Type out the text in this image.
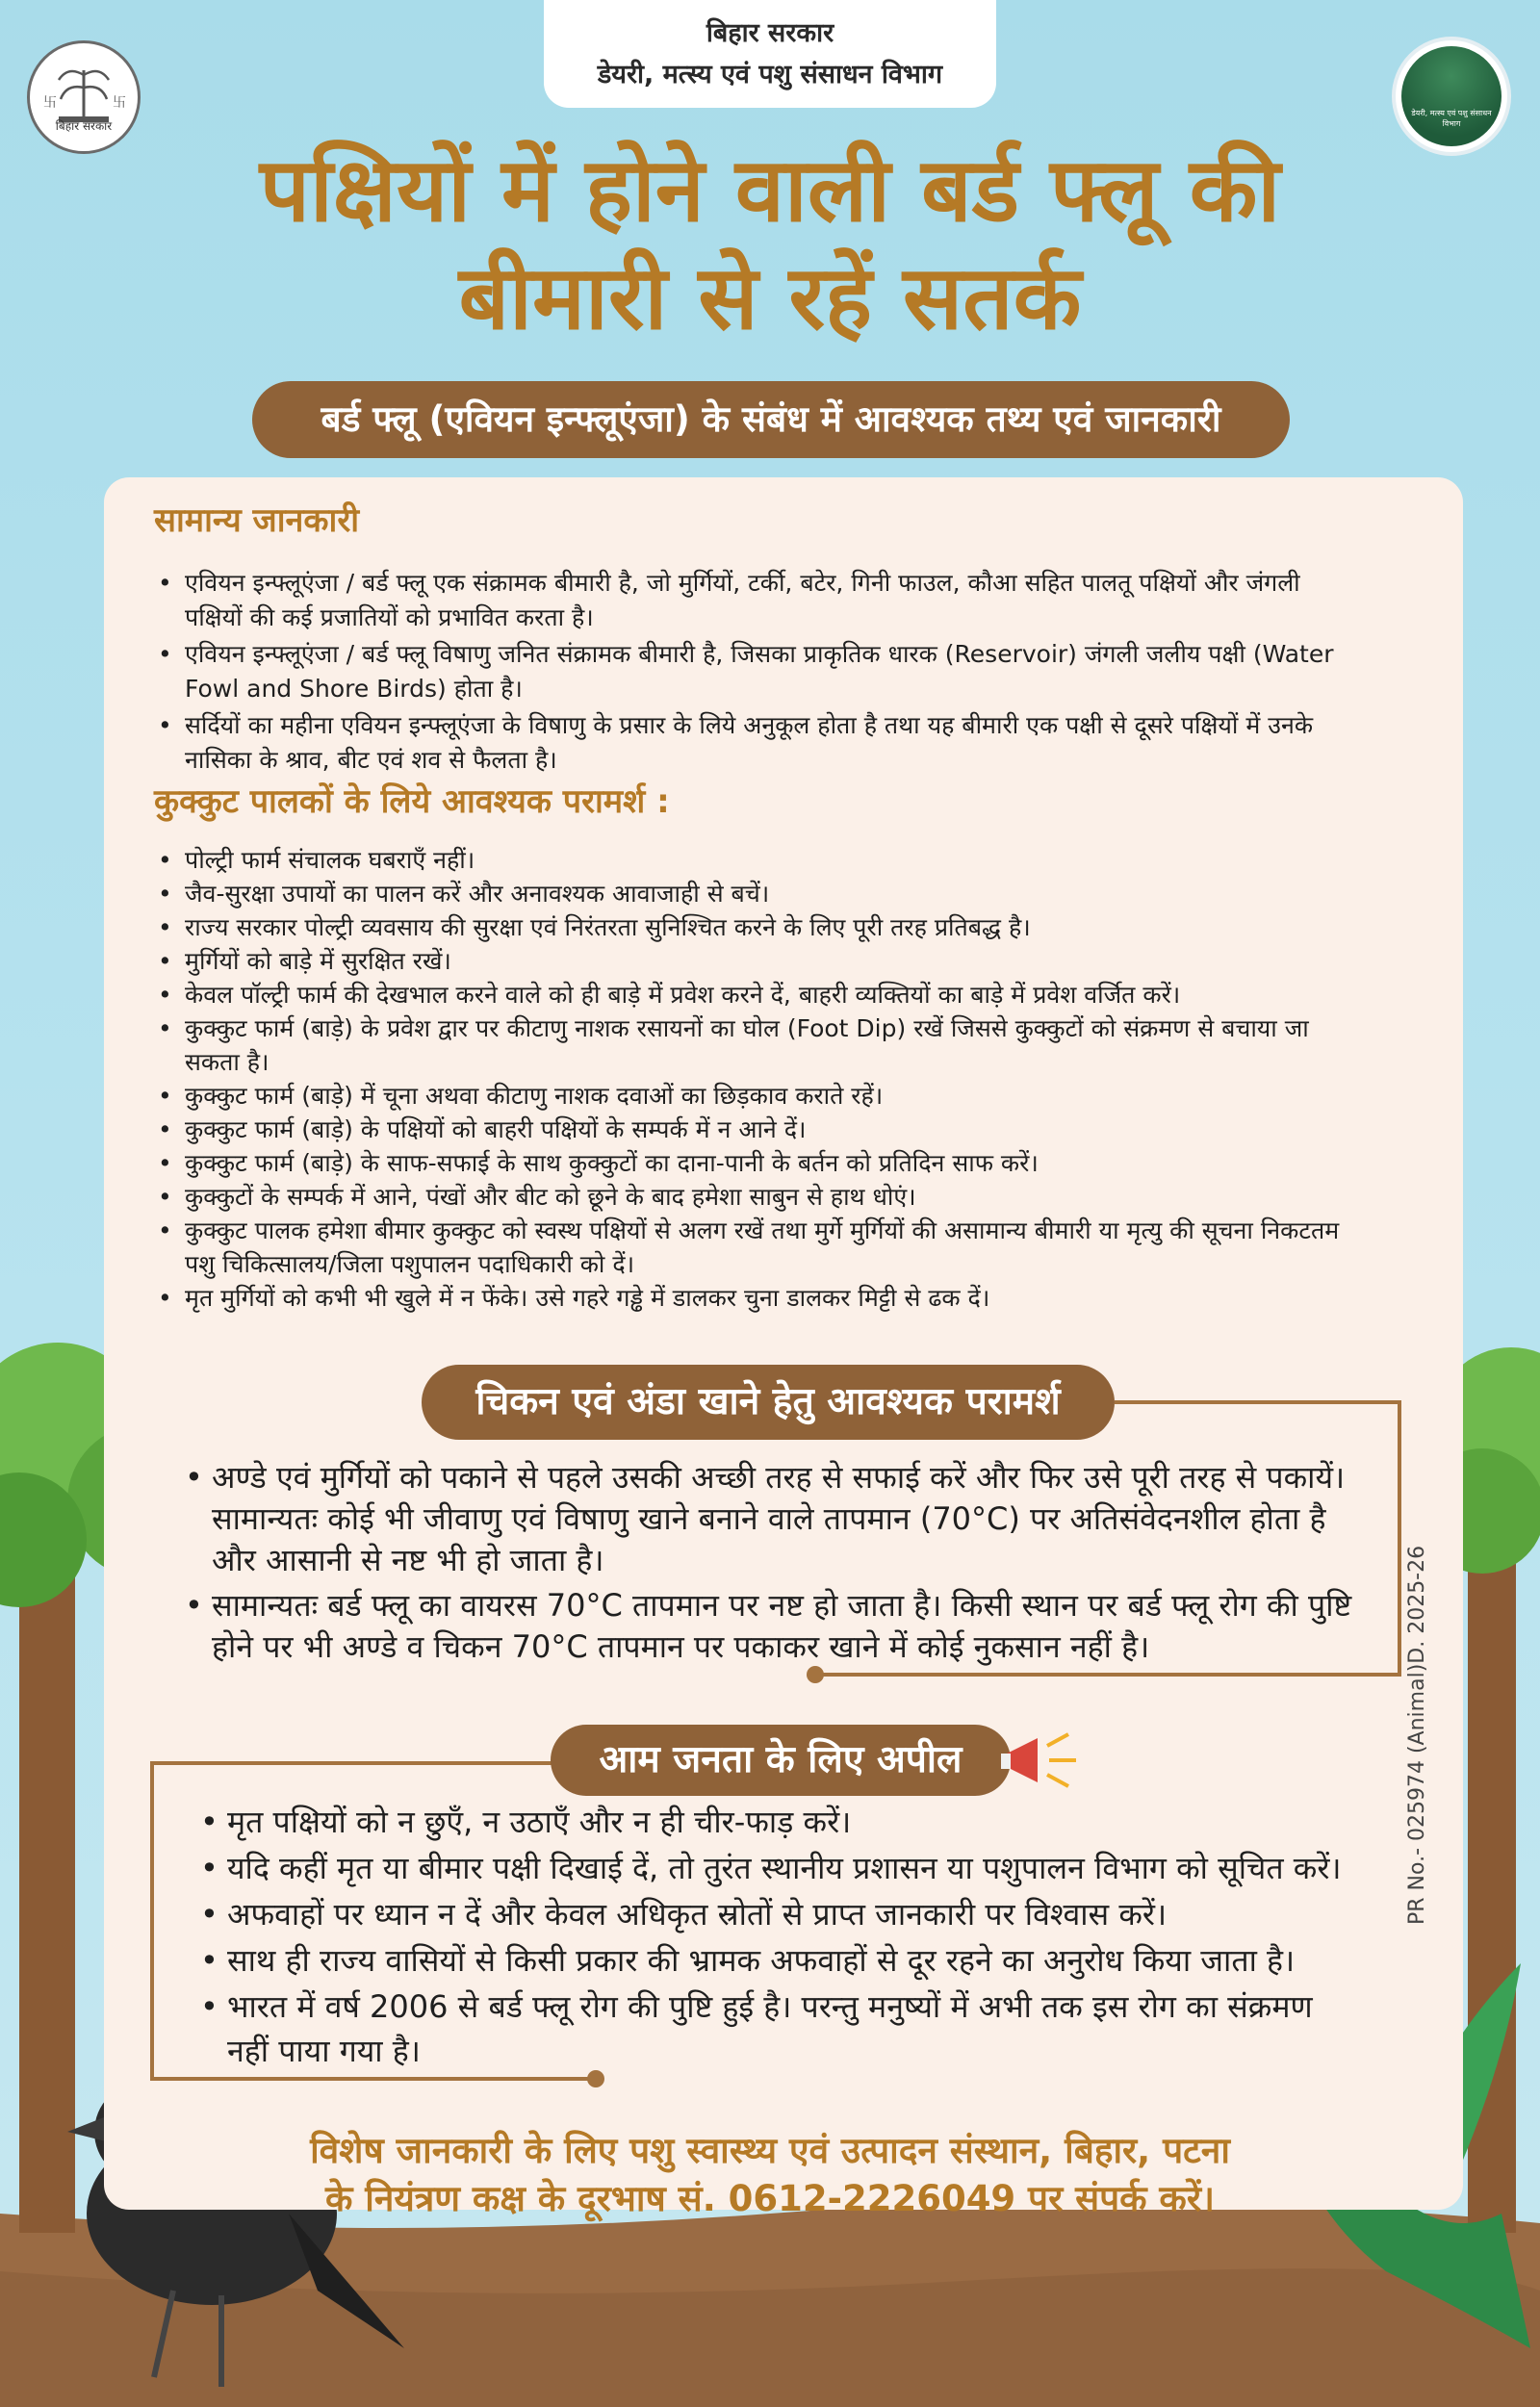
बिहार सरकार
डेयरी, मत्स्य एवं पशु संसाधन विभाग
卐	卐
बिहार सरकार
डेयरी, मत्स्य एवं पशु संसाधन विभाग
पक्षियों में होने वाली बर्ड फ्लू की
बीमारी से रहें सतर्क
बर्ड फ्लू (एवियन इन्फ्लूएंजा) के संबंध में आवश्यक तथ्य एवं जानकारी
सामान्य जानकारी
• एवियन इन्फ्लूएंजा / बर्ड फ्लू एक संक्रामक बीमारी है, जो मुर्गियों, टर्की, बटेर, गिनी फाउल, कौआ सहित पालतू पक्षियों और जंगली पक्षियों की कई प्रजातियों को प्रभावित करता है।
• एवियन इन्फ्लूएंजा / बर्ड फ्लू विषाणु जनित संक्रामक बीमारी है, जिसका प्राकृतिक धारक (Reservoir) जंगली जलीय पक्षी (Water Fowl and Shore Birds) होता है।
• सर्दियों का महीना एवियन इन्फ्लूएंजा के विषाणु के प्रसार के लिये अनुकूल होता है तथा यह बीमारी एक पक्षी से दूसरे पक्षियों में उनके नासिका के श्राव, बीट एवं शव से फैलता है।
कुक्कुट पालकों के लिये आवश्यक परामर्श :
• पोल्ट्री फार्म संचालक घबराएँ नहीं।
• जैव-सुरक्षा उपायों का पालन करें और अनावश्यक आवाजाही से बचें।
• राज्य सरकार पोल्ट्री व्यवसाय की सुरक्षा एवं निरंतरता सुनिश्चित करने के लिए पूरी तरह प्रतिबद्ध है।
• मुर्गियों को बाड़े में सुरक्षित रखें।
• केवल पॉल्ट्री फार्म की देखभाल करने वाले को ही बाड़े में प्रवेश करने दें, बाहरी व्यक्तियों का बाड़े में प्रवेश वर्जित करें।
• कुक्कुट फार्म (बाड़े) के प्रवेश द्वार पर कीटाणु नाशक रसायनों का घोल (Foot Dip) रखें जिससे कुक्कुटों को संक्रमण से बचाया जा सकता है।
• कुक्कुट फार्म (बाड़े) में चूना अथवा कीटाणु नाशक दवाओं का छिड़काव कराते रहें।
• कुक्कुट फार्म (बाड़े) के पक्षियों को बाहरी पक्षियों के सम्पर्क में न आने दें।
• कुक्कुट फार्म (बाड़े) के साफ-सफाई के साथ कुक्कुटों का दाना-पानी के बर्तन को प्रतिदिन साफ करें।
• कुक्कुटों के सम्पर्क में आने, पंखों और बीट को छूने के बाद हमेशा साबुन से हाथ धोएं।
• कुक्कुट पालक हमेशा बीमार कुक्कुट को स्वस्थ पक्षियों से अलग रखें तथा मुर्गे मुर्गियों की असामान्य बीमारी या मृत्यु की सूचना निकटतम पशु चिकित्सालय/जिला पशुपालन पदाधिकारी को दें।
• मृत मुर्गियों को कभी भी खुले में न फेंके। उसे गहरे गड्ढे में डालकर चुना डालकर मिट्टी से ढक दें।
चिकन एवं अंडा खाने हेतु आवश्यक परामर्श
• अण्डे एवं मुर्गियों को पकाने से पहले उसकी अच्छी तरह से सफाई करें और फिर उसे पूरी तरह से पकायें। सामान्यतः कोई भी जीवाणु एवं विषाणु खाने बनाने वाले तापमान (70°C) पर अतिसंवेदनशील होता है और आसानी से नष्ट भी हो जाता है।
• सामान्यतः बर्ड फ्लू का वायरस 70°C तापमान पर नष्ट हो जाता है। किसी स्थान पर बर्ड फ्लू रोग की पुष्टि होने पर भी अण्डे व चिकन 70°C तापमान पर पकाकर खाने में कोई नुकसान नहीं है।
आम जनता के लिए अपील
• मृत पक्षियों को न छुएँ, न उठाएँ और न ही चीर-फाड़ करें।
• यदि कहीं मृत या बीमार पक्षी दिखाई दें, तो तुरंत स्थानीय प्रशासन या पशुपालन विभाग को सूचित करें।
• अफवाहों पर ध्यान न दें और केवल अधिकृत स्रोतों से प्राप्त जानकारी पर विश्वास करें।
• साथ ही राज्य वासियों से किसी प्रकार की भ्रामक अफवाहों से दूर रहने का अनुरोध किया जाता है।
• भारत में वर्ष 2006 से बर्ड फ्लू रोग की पुष्टि हुई है। परन्तु मनुष्यों में अभी तक इस रोग का संक्रमण नहीं पाया गया है।
विशेष जानकारी के लिए पशु स्वास्थ्य एवं उत्पादन संस्थान, बिहार, पटना
के नियंत्रण कक्ष के दूरभाष सं. 0612-2226049 पर संपर्क करें।
PR No.- 025974 (Animal)D. 2025-26
